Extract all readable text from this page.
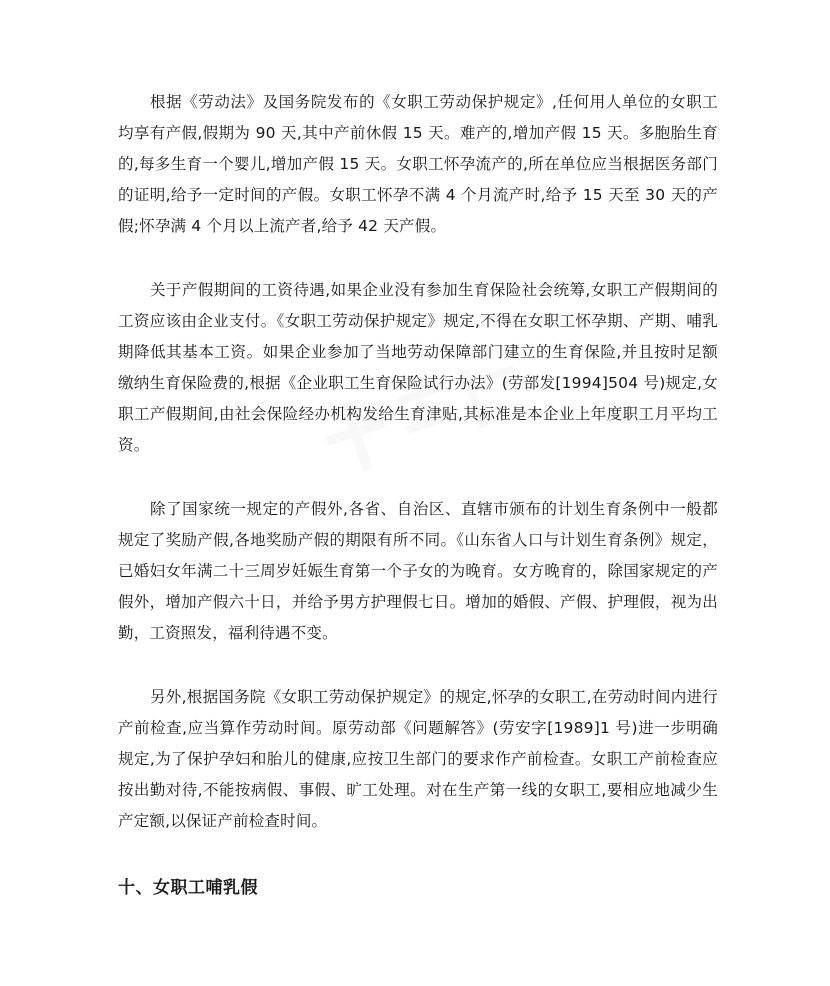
根据《劳动法》及国务院发布的《女职工劳动保护规定》,任何用人单位的女职工均享有产假,假期为 90 天,其中产前休假 15 天。难产的,增加产假 15 天。多胞胎生育的,每多生育一个婴儿,增加产假 15 天。女职工怀孕流产的,所在单位应当根据医务部门的证明,给予一定时间的产假。女职工怀孕不满 4 个月流产时,给予 15 天至 30 天的产假;怀孕满 4 个月以上流产者,给予 42 天产假。

关于产假期间的工资待遇,如果企业没有参加生育保险社会统筹,女职工产假期间的工资应该由企业支付。《女职工劳动保护规定》规定,不得在女职工怀孕期、产期、哺乳期降低其基本工资。如果企业参加了当地劳动保障部门建立的生育保险,并且按时足额缴纳生育保险费的,根据《企业职工生育保险试行办法》(劳部发[1994]504 号)规定,女职工产假期间,由社会保险经办机构发给生育津贴,其标准是本企业上年度职工月平均工资。

除了国家统一规定的产假外,各省、自治区、直辖市颁布的计划生育条例中一般都规定了奖励产假,各地奖励产假的期限有所不同。《山东省人口与计划生育条例》规定，已婚妇女年满二十三周岁妊娠生育第一个子女的为晚育。女方晚育的，除国家规定的产假外，增加产假六十日，并给予男方护理假七日。增加的婚假、产假、护理假，视为出勤，工资照发，福利待遇不变。

另外,根据国务院《女职工劳动保护规定》的规定,怀孕的女职工,在劳动时间内进行产前检查,应当算作劳动时间。原劳动部《问题解答》(劳安字[1989]1 号)进一步明确规定,为了保护孕妇和胎儿的健康,应按卫生部门的要求作产前检查。女职工产前检查应按出勤对待,不能按病假、事假、旷工处理。对在生产第一线的女职工,要相应地减少生产定额,以保证产前检查时间。

十、女职工哺乳假
